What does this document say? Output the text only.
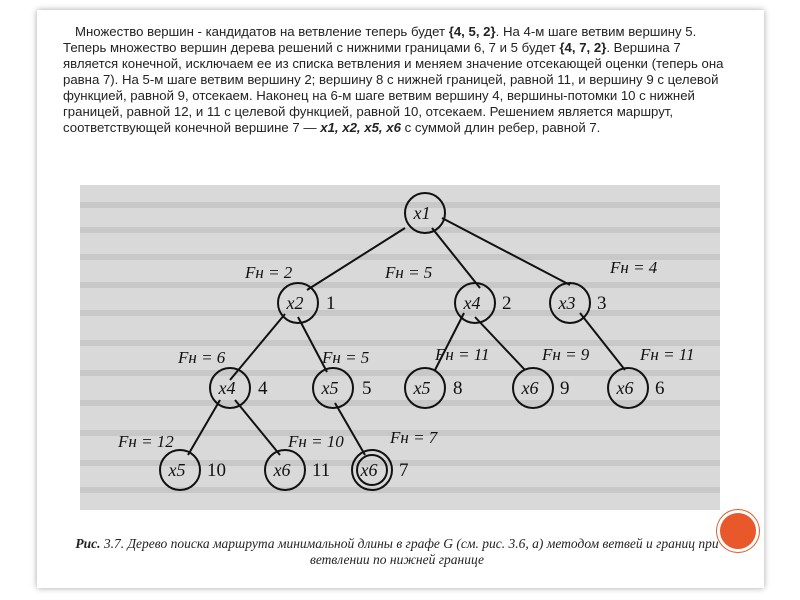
Множество вершин - кандидатов на ветвление теперь будет {4, 5, 2}. На 4-м шаге ветвим вершину 5. Теперь множество вершин дерева решений с нижними границами 6, 7 и 5 будет {4, 7, 2}. Вершина 7 является конечной, исключаем ее из списка ветвления и меняем значение отсекающей оценки (теперь она равна 7). На 5-м шаге ветвим вершину 2; вершину 8 с нижней границей, равной 11, и вершину 9 с целевой функцией, равной 9, отсекаем. Наконец на 6-м шаге ветвим вершину 4, вершины-потомки 10 с нижней границей, равной 12, и 11 с целевой функцией, равной 10, отсекаем. Решением является маршрут, соответствующей конечной вершине 7 — x1, x2, x5, x6 с суммой длин ребер, равной 7.
x1
x2	x4	x3
x4	x5	x5	x6	x6
x5	x6	x6
1	2	3
4	5	8	9	6
10	11	7
Fн = 2	Fн = 5	Fн = 4
Fн = 6	Fн = 5	Fн = 11	Fн = 9	Fн = 11
Fн = 12	Fн = 10	Fн = 7
Рис. 3.7. Дерево поиска маршрута минимальной длины в графе G (см. рис. 3.6, а) методом ветвей и границ при ветвлении по нижней границе
